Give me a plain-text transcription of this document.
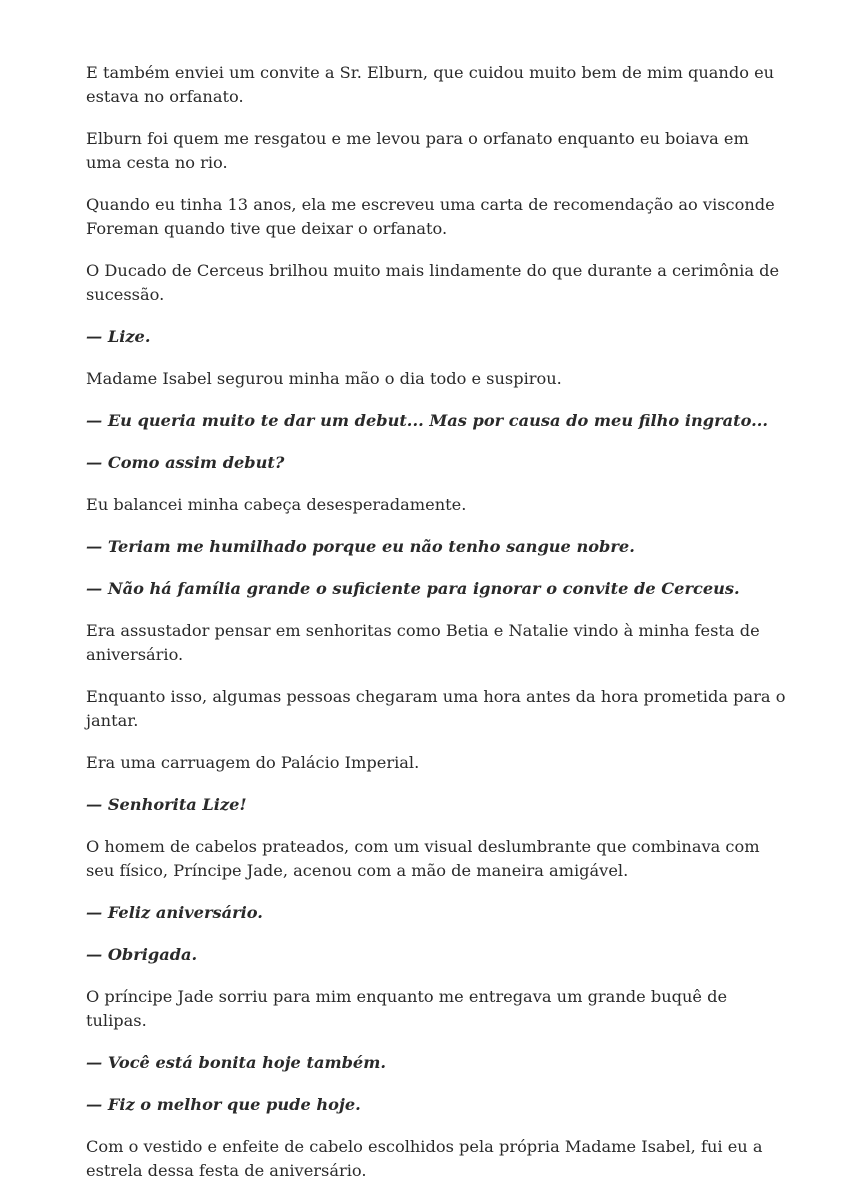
E também enviei um convite a Sr. Elburn, que cuidou muito bem de mim quando eu estava no orfanato.

Elburn foi quem me resgatou e me levou para o orfanato enquanto eu boiava em uma cesta no rio.

Quando eu tinha 13 anos, ela me escreveu uma carta de recomendação ao visconde Foreman quando tive que deixar o orfanato.

O Ducado de Cerceus brilhou muito mais lindamente do que durante a cerimônia de sucessão.

— Lize.

Madame Isabel segurou minha mão o dia todo e suspirou.

— Eu queria muito te dar um debut... Mas por causa do meu filho ingrato...

— Como assim debut?

Eu balancei minha cabeça desesperadamente.

— Teriam me humilhado porque eu não tenho sangue nobre.

— Não há família grande o suficiente para ignorar o convite de Cerceus.

Era assustador pensar em senhoritas como Betia e Natalie vindo à minha festa de aniversário.

Enquanto isso, algumas pessoas chegaram uma hora antes da hora prometida para o jantar.

Era uma carruagem do Palácio Imperial.

— Senhorita Lize!

O homem de cabelos prateados, com um visual deslumbrante que combinava com seu físico, Príncipe Jade, acenou com a mão de maneira amigável.

— Feliz aniversário.

— Obrigada.

O príncipe Jade sorriu para mim enquanto me entregava um grande buquê de tulipas.

— Você está bonita hoje também.

— Fiz o melhor que pude hoje.

Com o vestido e enfeite de cabelo escolhidos pela própria Madame Isabel, fui eu a estrela dessa festa de aniversário.
